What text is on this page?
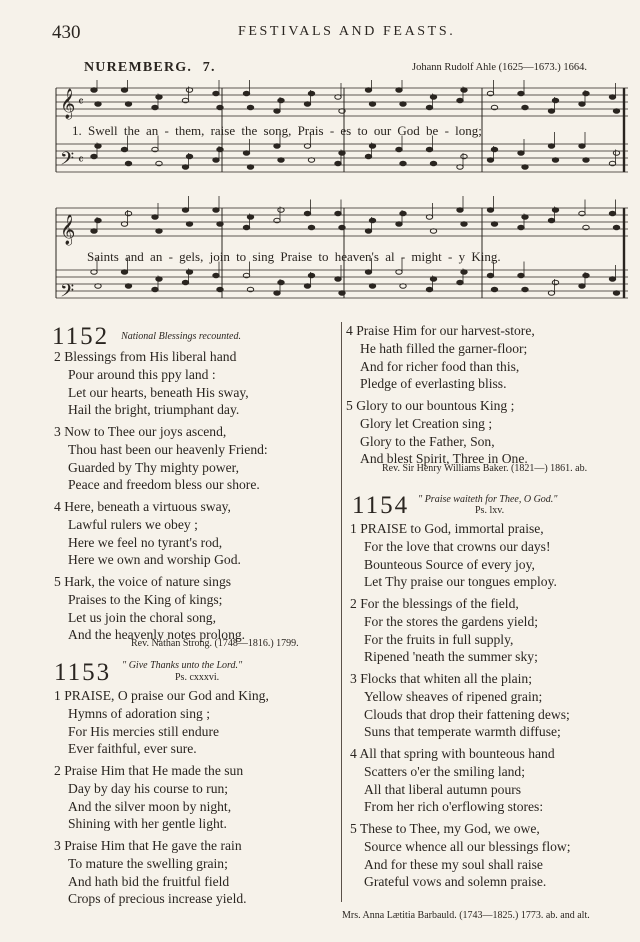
430	FESTIVALS AND FEASTS.
NUREMBERG. 7.	Johann Rudolf Ahle (1625—1673.) 1664.
𝄞
𝄢
𝄞
𝄢
𝄴
𝄴
1. Swell the an - them, raise the song, Prais - es to our God be - long;
Saints and an - gels, join to sing Praise to heaven's al - might - y King.
1152 $^{National Blessings recounted.}$
2 Blessings from His liberal hand
Pour around this ppy land :
Let our hearts, beneath His sway,
Hail the bright, triumphant day.
3 Now to Thee our joys ascend,
Thou hast been our heavenly Friend:
Guarded by Thy mighty power,
Peace and freedom bless our shore.
4 Here, beneath a virtuous sway,
Lawful rulers we obey ;
Here we feel no tyrant's rod,
Here we own and worship God.
5 Hark, the voice of nature sings
Praises to the King of kings;
Let us join the choral song,
And the heavenly notes prolong.
Rev. Nathan Strong. (1748—1816.) 1799.
1153 " Give Thanks unto the Lord."
Ps. cxxxvi.
1 PRAISE, O praise our God and King,
Hymns of adoration sing ;
For His mercies still endure
Ever faithful, ever sure.
2 Praise Him that He made the sun
Day by day his course to run;
And the silver moon by night,
Shining with her gentle light.
3 Praise Him that He gave the rain
To mature the swelling grain;
And hath bid the fruitful field
Crops of precious increase yield.
4 Praise Him for our harvest-store,
He hath filled the garner-floor;
And for richer food than this,
Pledge of everlasting bliss.
5 Glory to our bountous King ;
Glory let Creation sing ;
Glory to the Father, Son,
And blest Spirit, Three in One.
Rev. Sir Henry Williams Baker. (1821—) 1861. ab.
1154 " Praise waiteth for Thee, O God."
Ps. lxv.
1 PRAISE to God, immortal praise,
For the love that crowns our days!
Bounteous Source of every joy,
Let Thy praise our tongues employ.
2 For the blessings of the field,
For the stores the gardens yield;
For the fruits in full supply,
Ripened 'neath the summer sky;
3 Flocks that whiten all the plain;
Yellow sheaves of ripened grain;
Clouds that drop their fattening dews;
Suns that temperate warmth diffuse;
4 All that spring with bounteous hand
Scatters o'er the smiling land;
All that liberal autumn pours
From her rich o'erflowing stores:
5 These to Thee, my God, we owe,
Source whence all our blessings flow;
And for these my soul shall raise
Grateful vows and solemn praise.
Mrs. Anna Lætitia Barbauld. (1743—1825.) 1773. ab. and alt.
